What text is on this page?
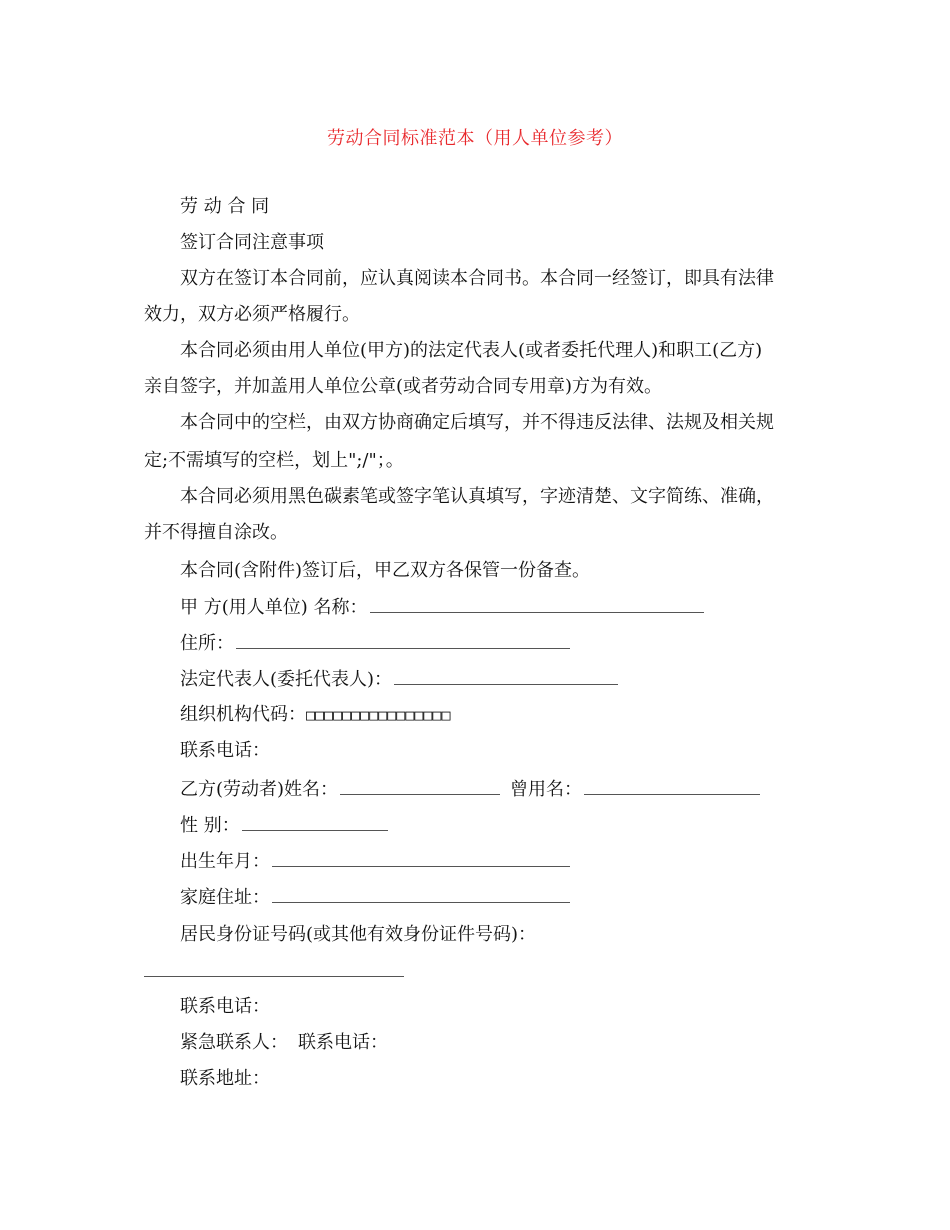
劳动合同标准范本（用人单位参考）
劳 动 合 同
签订合同注意事项
双方在签订本合同前，应认真阅读本合同书。本合同一经签订，即具有法律
效力，双方必须严格履行。
本合同必须由用人单位(甲方)的法定代表人(或者委托代理人)和职工(乙方)
亲自签字，并加盖用人单位公章(或者劳动合同专用章)方为有效。
本合同中的空栏，由双方协商确定后填写，并不得违反法律、法规及相关规
定;不需填写的空栏，划上";/"；。
本合同必须用黑色碳素笔或签字笔认真填写，字迹清楚、文字简练、准确，
并不得擅自涂改。
本合同(含附件)签订后，甲乙双方各保管一份备查。
甲 方(用人单位) 名称：
住所：
法定代表人(委托代表人)：
组织机构代码：□□□□□□□□□□□□□□□□
联系电话：
乙方(劳动者)姓名：	曾用名：
性 别：
出生年月：
家庭住址：
居民身份证号码(或其他有效身份证件号码)：
联系电话：
紧急联系人： 联系电话：
联系地址：
